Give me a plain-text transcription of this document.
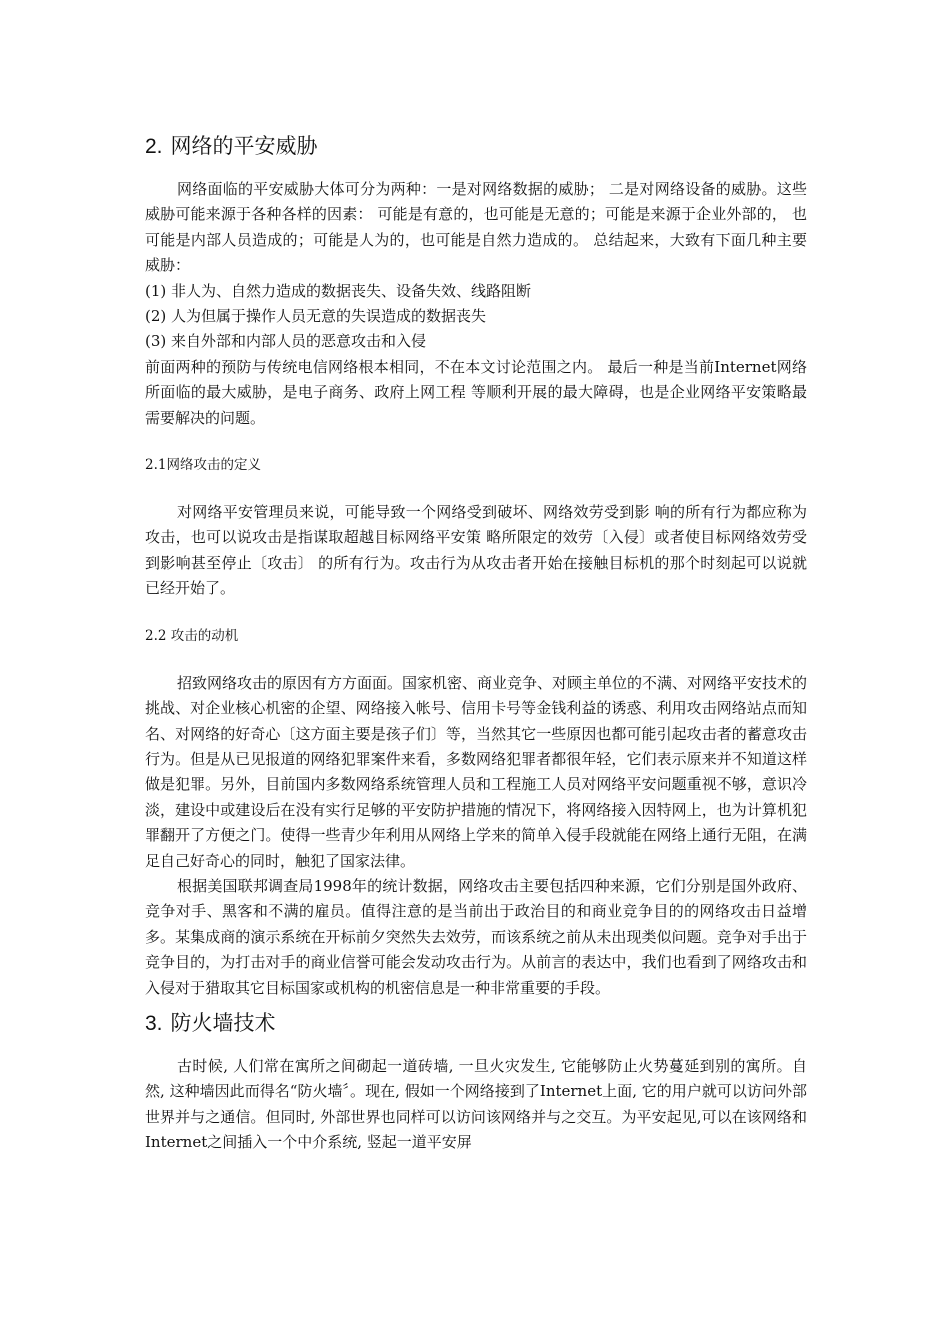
2. 网络的平安威胁

网络面临的平安威胁大体可分为两种：一是对网络数据的威胁； 二是对网络设备的威胁。这些威胁可能来源于各种各样的因素： 可能是有意的，也可能是无意的；可能是来源于企业外部的， 也可能是内部人员造成的；可能是人为的，也可能是自然力造成的。 总结起来，大致有下面几种主要威胁：

(1) 非人为、自然力造成的数据丧失、设备失效、线路阻断

(2) 人为但属于操作人员无意的失误造成的数据丧失

(3) 来自外部和内部人员的恶意攻击和入侵

前面两种的预防与传统电信网络根本相同，不在本文讨论范围之内。 最后一种是当前Internet网络所面临的最大威胁，是电子商务、政府上网工程 等顺利开展的最大障碍，也是企业网络平安策略最需要解决的问题。

2.1网络攻击的定义

对网络平安管理员来说，可能导致一个网络受到破坏、网络效劳受到影 响的所有行为都应称为攻击，也可以说攻击是指谋取超越目标网络平安策 略所限定的效劳〔入侵〕或者使目标网络效劳受到影响甚至停止〔攻击〕 的所有行为。攻击行为从攻击者开始在接触目标机的那个时刻起可以说就 已经开始了。

2.2 攻击的动机

招致网络攻击的原因有方方面面。国家机密、商业竞争、对顾主单位的不满、对网络平安技术的挑战、对企业核心机密的企望、网络接入帐号、信用卡号等金钱利益的诱惑、利用攻击网络站点而知名、对网络的好奇心〔这方面主要是孩子们〕等，当然其它一些原因也都可能引起攻击者的蓄意攻击行为。但是从已见报道的网络犯罪案件来看，多数网络犯罪者都很年轻，它们表示原来并不知道这样做是犯罪。另外，目前国内多数网络系统管理人员和工程施工人员对网络平安问题重视不够，意识冷淡，建设中或建设后在没有实行足够的平安防护措施的情况下，将网络接入因特网上，也为计算机犯罪翻开了方便之门。使得一些青少年利用从网络上学来的简单入侵手段就能在网络上通行无阻，在满足自己好奇心的同时，触犯了国家法律。

根据美国联邦调查局1998年的统计数据，网络攻击主要包括四种来源，它们分别是国外政府、竞争对手、黑客和不满的雇员。值得注意的是当前出于政治目的和商业竞争目的的网络攻击日益增多。某集成商的演示系统在开标前夕突然失去效劳，而该系统之前从未出现类似问题。竞争对手出于竞争目的，为打击对手的商业信誉可能会发动攻击行为。从前言的表达中，我们也看到了网络攻击和入侵对于猎取其它目标国家或机构的机密信息是一种非常重要的手段。

3. 防火墙技术

古时候, 人们常在寓所之间砌起一道砖墙, 一旦火灾发生, 它能够防止火势蔓延到别的寓所。自然, 这种墙因此而得名“防火墙〞。现在, 假如一个网络接到了Internet上面, 它的用户就可以访问外部世界并与之通信。但同时, 外部世界也同样可以访问该网络并与之交互。为平安起见,可以在该网络和Internet之间插入一个中介系统, 竖起一道平安屏
